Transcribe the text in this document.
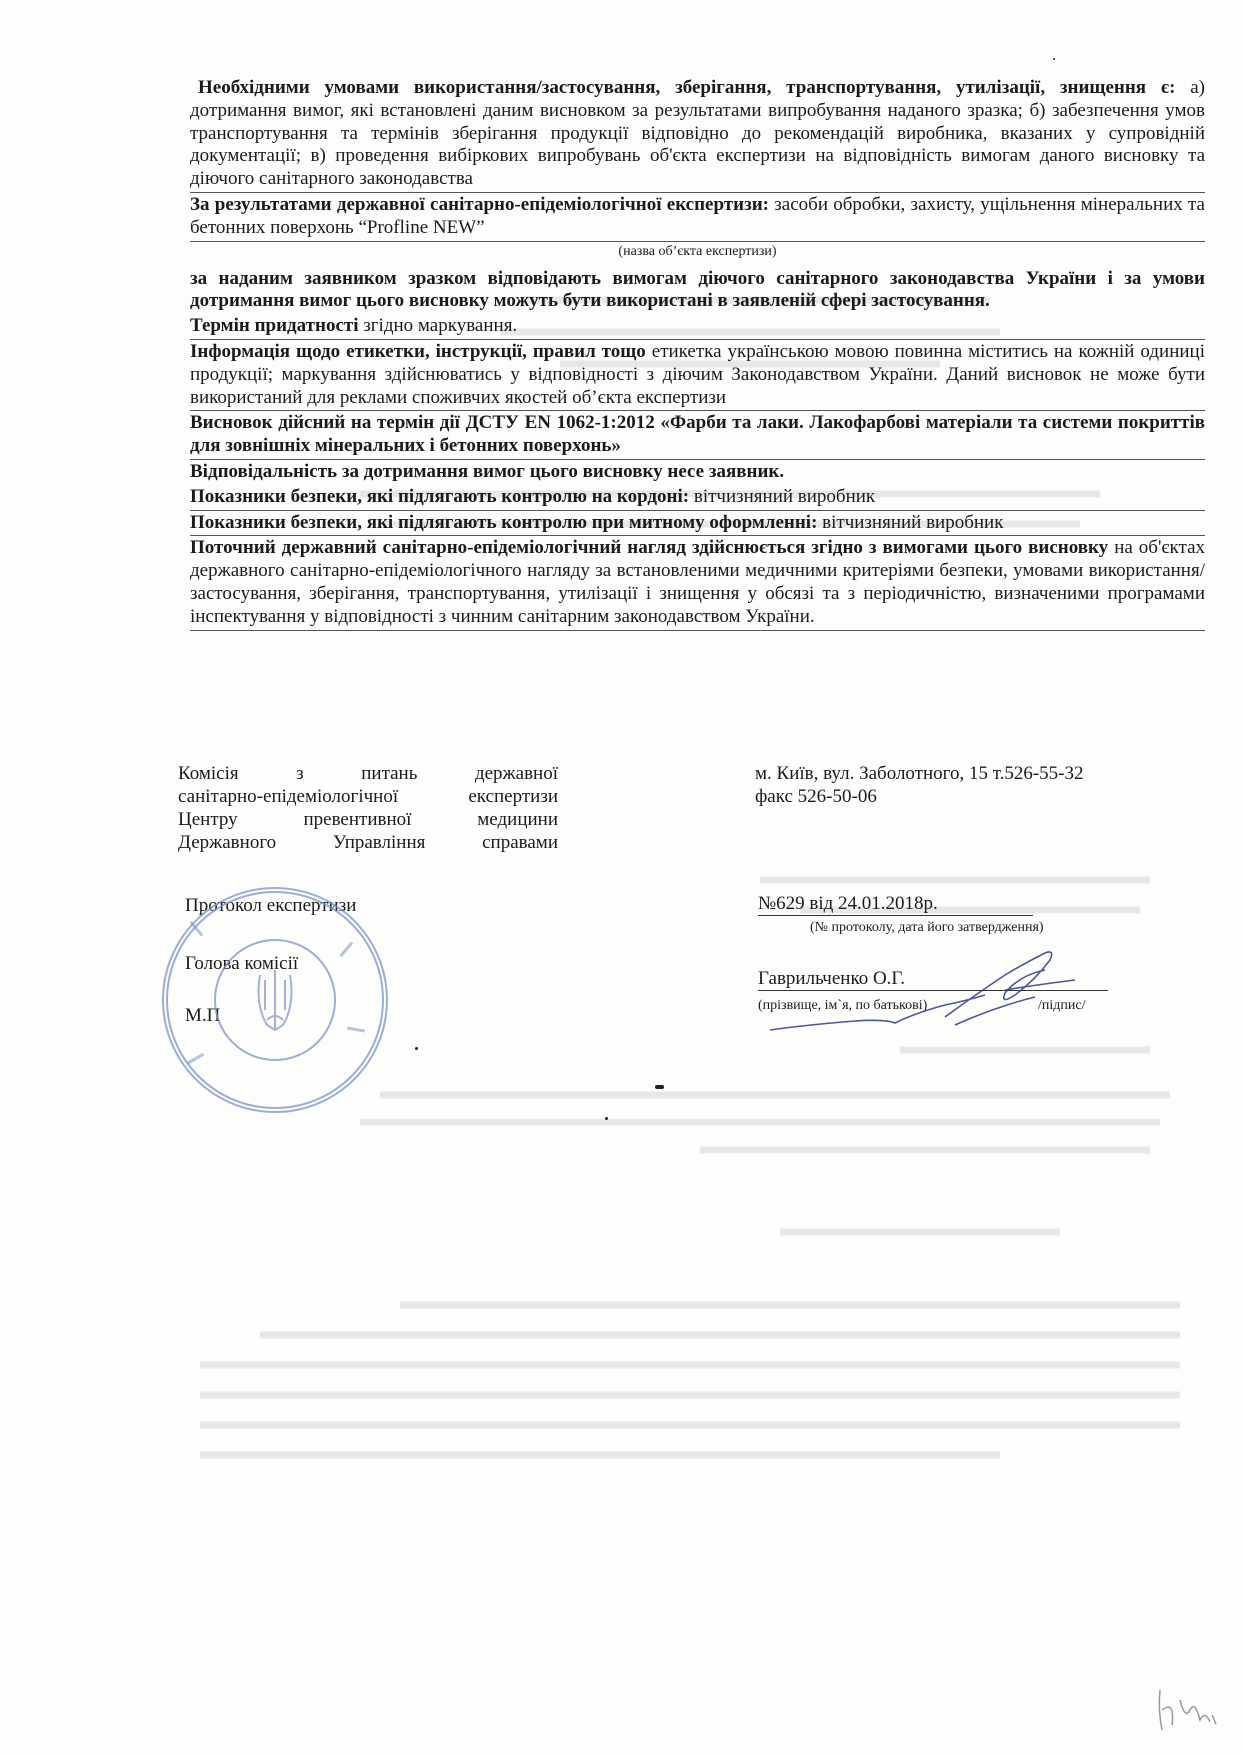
Необхідними умовами використання/застосування, зберігання, транспортування, утилізації, знищення є: а) дотримання вимог, які встановлені даним висновком за результатами випробування наданого зразка; б) забезпечення умов транспортування та термінів зберігання продукції відповідно до рекомендацій виробника, вказаних у супровідній документації; в) проведення вибіркових випробувань об'єкта експертизи на відповідність вимогам даного висновку та діючого санітарного законодавства
За результатами державної санітарно-епідеміологічної експертизи: засоби обробки, захисту, ущільнення мінеральних та бетонних поверхонь “Profline NEW”
(назва об’єкта експертизи)
за наданим заявником зразком відповідають вимогам діючого санітарного законодавства України і за умови дотримання вимог цього висновку можуть бути використані в заявленій сфері застосування.
Термін придатності згідно маркування.
Інформація щодо етикетки, інструкції, правил тощо етикетка українською мовою повинна міститись на кожній одиниці продукції; маркування здійснюватись у відповідності з діючим Законодавством України. Даний висновок не може бути використаний для реклами споживчих якостей об’єкта експертизи
Висновок дійсний на термін дії ДСТУ EN 1062-1:2012 «Фарби та лаки. Лакофарбові матеріали та системи покриттів для зовнішніх мінеральних і бетонних поверхонь»
Відповідальність за дотримання вимог цього висновку несе заявник.
Показники безпеки, які підлягають контролю на кордоні: вітчизняний виробник
Показники безпеки, які підлягають контролю при митному оформленні: вітчизняний виробник
Поточний державний санітарно-епідеміологічний нагляд здійснюється згідно з вимогами цього висновку на об'єктах державного санітарно-епідеміологічного нагляду за встановленими медичними критеріями безпеки, умовами використання/застосування, зберігання, транспортування, утилізації і знищення у обсязі та з періодичністю, визначеними програмами інспектування у відповідності з чинним санітарним законодавством України.
Комісія з питань державної
санітарно-епідеміологічної експертизи
Центру превентивної медицини
Державного Управління справами
м. Київ, вул. Заболотного, 15 т.526-55-32
факс 526-50-06
Протокол експертизи	№629 від 24.01.2018р.
(№ протоколу, дата його затвердження)
Голова комісії
Гаврильченко О.Г.
(прізвище, ім`я, по батькові)	/підпис/
М.П
